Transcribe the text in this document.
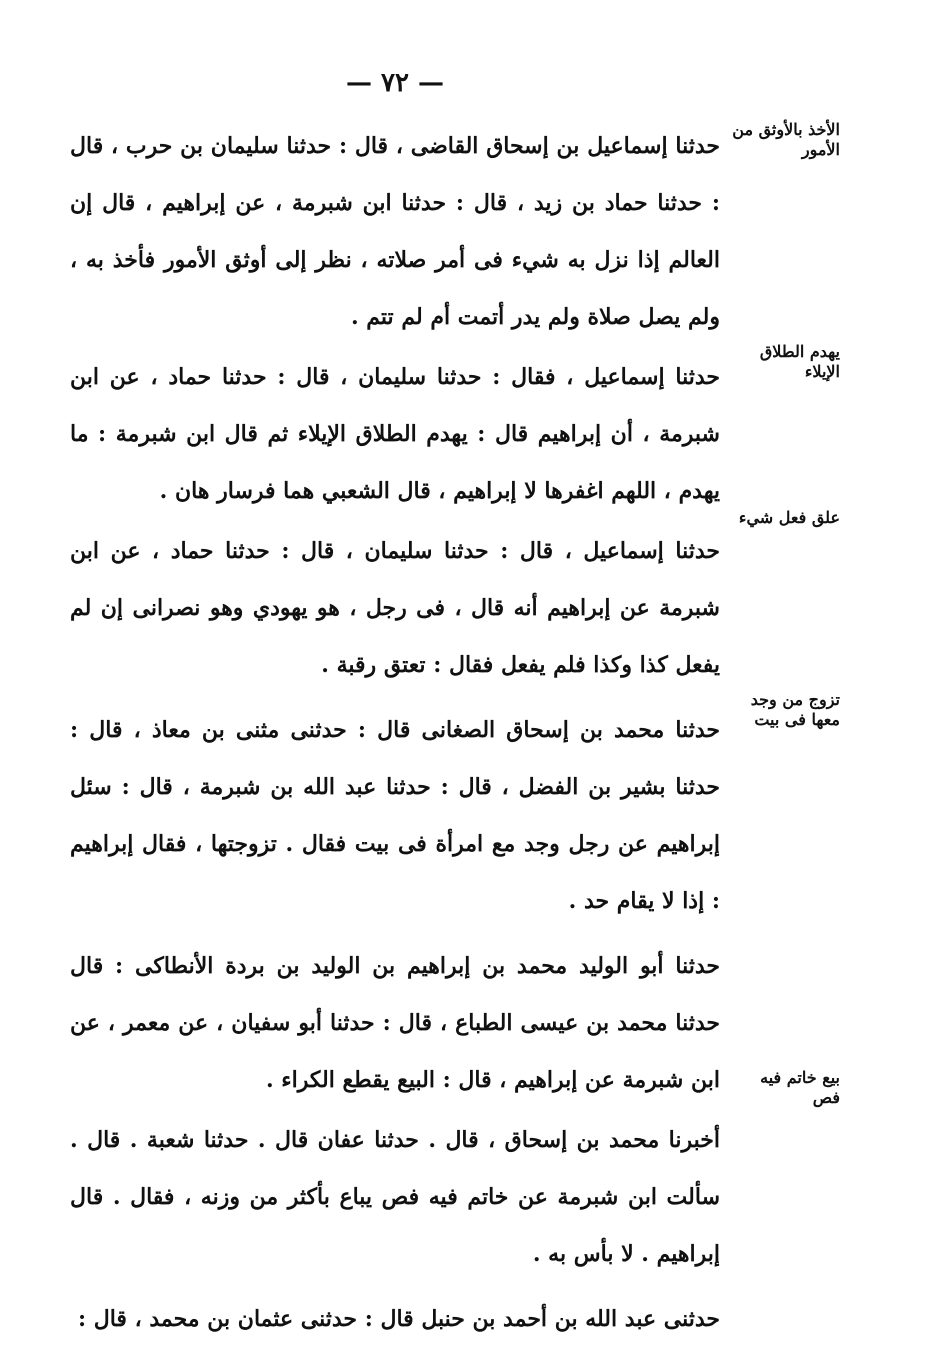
— ٧٢ —

حدثنا إسماعيل بن إسحاق القاضى ، قال : حدثنا سليمان بن حرب ، قال : حدثنا حماد بن زيد ، قال : حدثنا ابن شبرمة ، عن إبراهيم ، قال إن العالم إذا نزل به شيء فى أمر صلاته ، نظر إلى أوثق الأمور فأخذ به ، ولم يصل صلاة ولم يدر أتمت أم لم تتم .

حدثنا إسماعيل ، فقال : حدثنا سليمان ، قال : حدثنا حماد ، عن ابن شبرمة ، أن إبراهيم قال : يهدم الطلاق الإيلاء ثم قال ابن شبرمة : ما يهدم ، اللهم اغفرها لا إبراهيم ، قال الشعبي هما فرسار هان .

حدثنا إسماعيل ، قال : حدثنا سليمان ، قال : حدثنا حماد ، عن ابن شبرمة عن إبراهيم أنه قال ، فى رجل ، هو يهودي وهو نصرانى إن لم يفعل كذا وكذا فلم يفعل فقال : تعتق رقبة .

حدثنا محمد بن إسحاق الصغانى قال : حدثنى مثنى بن معاذ ، قال : حدثنا بشير بن الفضل ، قال : حدثنا عبد الله بن شبرمة ، قال : سئل إبراهيم عن رجل وجد مع امرأة فى بيت فقال . تزوجتها ، فقال إبراهيم : إذا لا يقام حد .

حدثنا أبو الوليد محمد بن إبراهيم بن الوليد بن بردة الأنطاكى : قال حدثنا محمد بن عيسى الطباع ، قال : حدثنا أبو سفيان ، عن معمر ، عن ابن شبرمة عن إبراهيم ، قال : البيع يقطع الكراء .

أخبرنا محمد بن إسحاق ، قال . حدثنا عفان قال . حدثنا شعبة . قال . سألت ابن شبرمة عن خاتم فيه فص يباع بأكثر من وزنه ، فقال . قال إبراهيم . لا بأس به .

حدثنى عبد الله بن أحمد بن حنبل قال : حدثنى عثمان بن محمد ، قال :

الأخذ بالأوثق من الأمور
يهدم الطلاق الإيلاء
علق فعل شيء
تزوج من وجد معها فى بيت
بيع خاتم فيه فص
